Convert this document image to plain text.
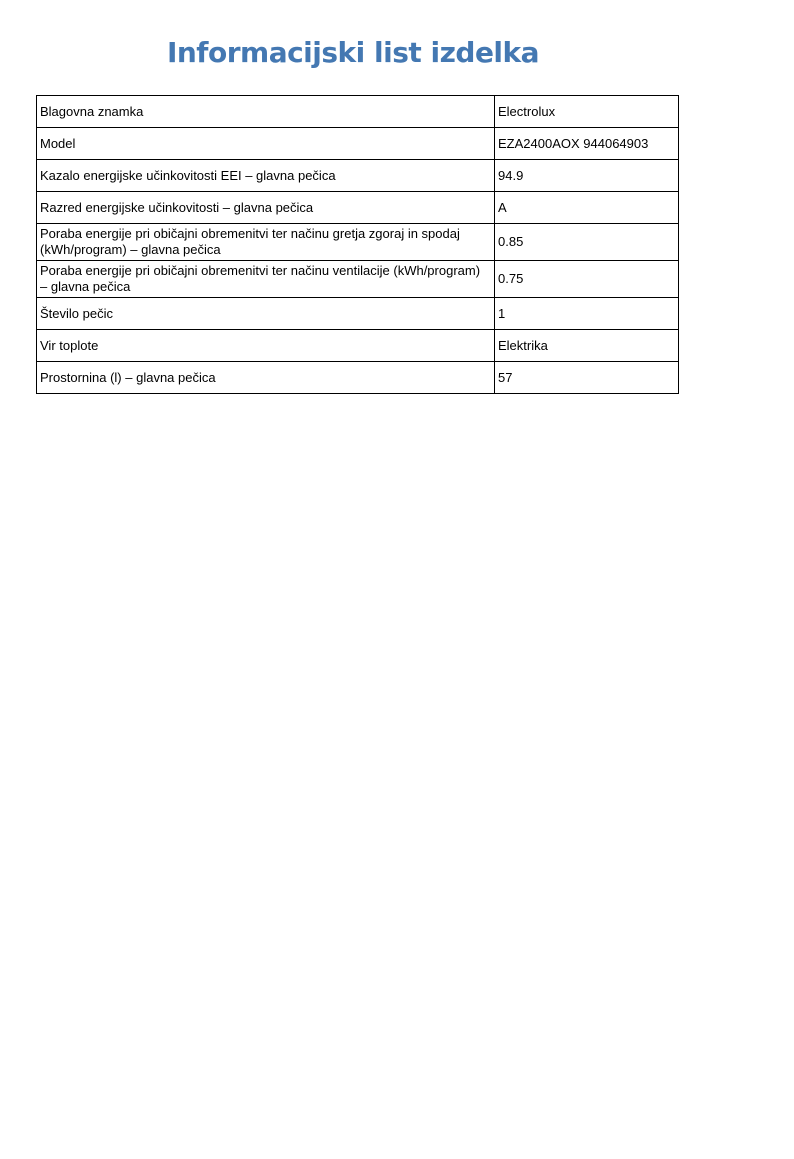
Informacijski list izdelka
Blagovna znamka	Electrolux
Model	EZA2400AOX 944064903
Kazalo energijske učinkovitosti EEI – glavna pečica	94.9
Razred energijske učinkovitosti – glavna pečica	A
Poraba energije pri običajni obremenitvi ter načinu gretja zgoraj in spodaj (kWh/program) – glavna pečica	0.85
Poraba energije pri običajni obremenitvi ter načinu ventilacije (kWh/program) – glavna pečica	0.75
Število pečic	1
Vir toplote	Elektrika
Prostornina (l) – glavna pečica	57
